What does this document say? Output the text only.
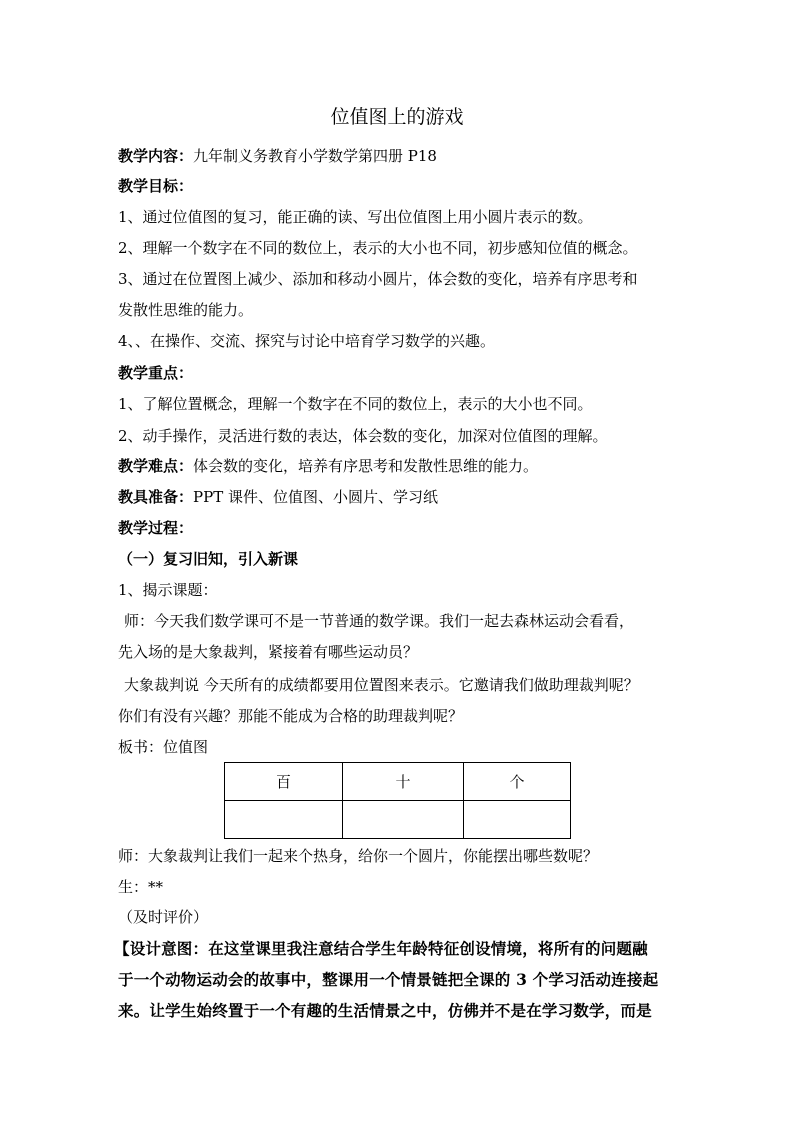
位值图上的游戏
教学内容：九年制义务教育小学数学第四册 P18
教学目标：
1、通过位值图的复习，能正确的读、写出位值图上用小圆片表示的数。
2、理解一个数字在不同的数位上，表示的大小也不同，初步感知位值的概念。
3、通过在位置图上减少、添加和移动小圆片，体会数的变化，培养有序思考和
发散性思维的能力。
4、、在操作、交流、探究与讨论中培育学习数学的兴趣。
教学重点：
1、了解位置概念，理解一个数字在不同的数位上，表示的大小也不同。
2、动手操作，灵活进行数的表达，体会数的变化，加深对位值图的理解。
教学难点：体会数的变化，培养有序思考和发散性思维的能力。
教具准备：PPT 课件、位值图、小圆片、学习纸
教学过程：
（一）复习旧知，引入新课
1、揭示课题：
师：今天我们数学课可不是一节普通的数学课。我们一起去森林运动会看看，
先入场的是大象裁判，紧接着有哪些运动员？
大象裁判说 今天所有的成绩都要用位置图来表示。它邀请我们做助理裁判呢？
你们有没有兴趣？那能不能成为合格的助理裁判呢？
板书：位值图
百	十	个

师：大象裁判让我们一起来个热身，给你一个圆片，你能摆出哪些数呢？
生：**
（及时评价）
【设计意图：在这堂课里我注意结合学生年龄特征创设情境，将所有的问题融
于一个动物运动会的故事中，整课用一个情景链把全课的 3 个学习活动连接起
来。让学生始终置于一个有趣的生活情景之中，仿佛并不是在学习数学，而是
